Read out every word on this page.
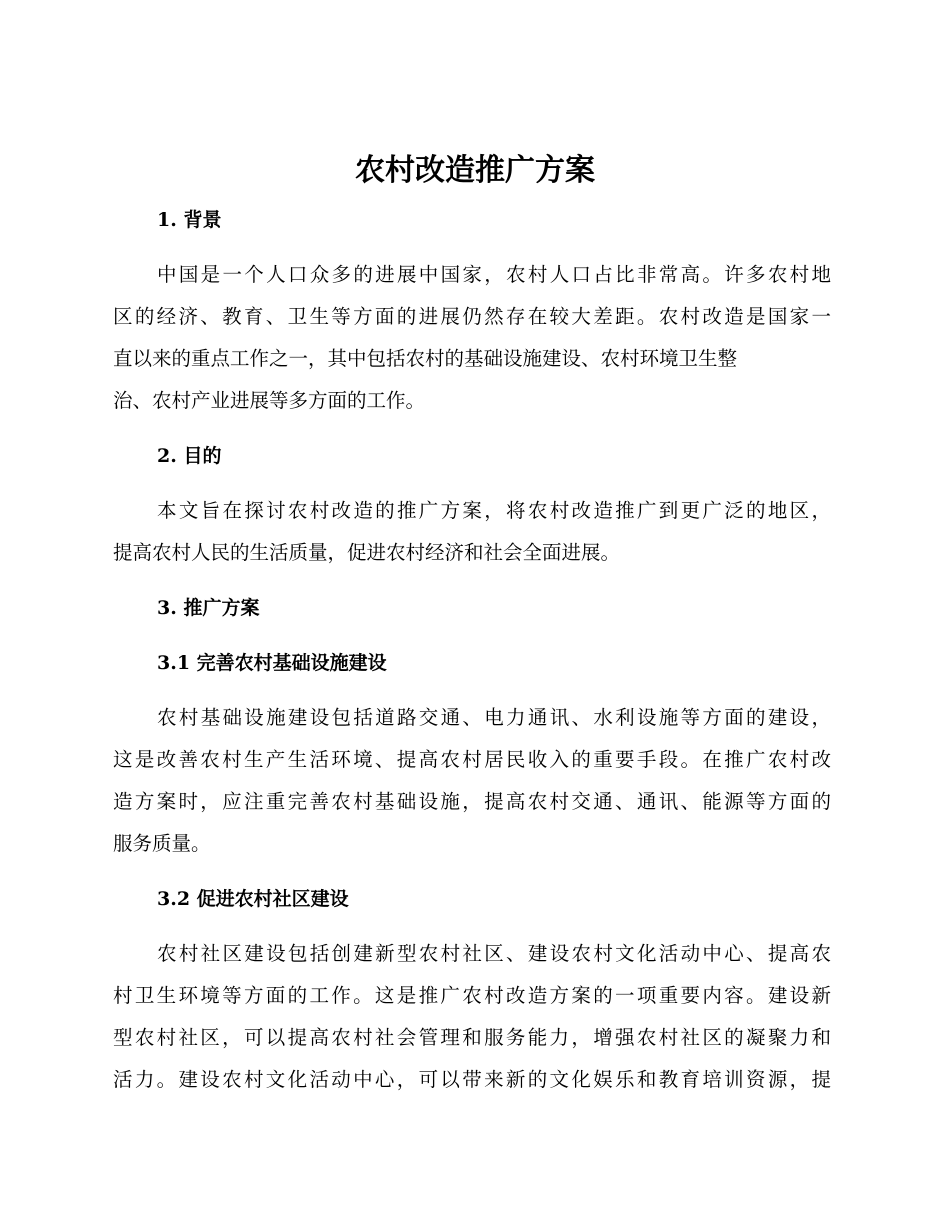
农村改造推广方案
1. 背景
中国是一个人口众多的进展中国家，农村人口占比非常高。许多农村地
区的经济、教育、卫生等方面的进展仍然存在较大差距。农村改造是国家一
直以来的重点工作之一，其中包括农村的基础设施建设、农村环境卫生整
治、农村产业进展等多方面的工作。
2. 目的
本文旨在探讨农村改造的推广方案，将农村改造推广到更广泛的地区，
提高农村人民的生活质量，促进农村经济和社会全面进展。
3. 推广方案
3.1 完善农村基础设施建设
农村基础设施建设包括道路交通、电力通讯、水利设施等方面的建设，
这是改善农村生产生活环境、提高农村居民收入的重要手段。在推广农村改
造方案时，应注重完善农村基础设施，提高农村交通、通讯、能源等方面的
服务质量。
3.2 促进农村社区建设
农村社区建设包括创建新型农村社区、建设农村文化活动中心、提高农
村卫生环境等方面的工作。这是推广农村改造方案的一项重要内容。建设新
型农村社区，可以提高农村社会管理和服务能力，增强农村社区的凝聚力和
活力。建设农村文化活动中心，可以带来新的文化娱乐和教育培训资源，提
